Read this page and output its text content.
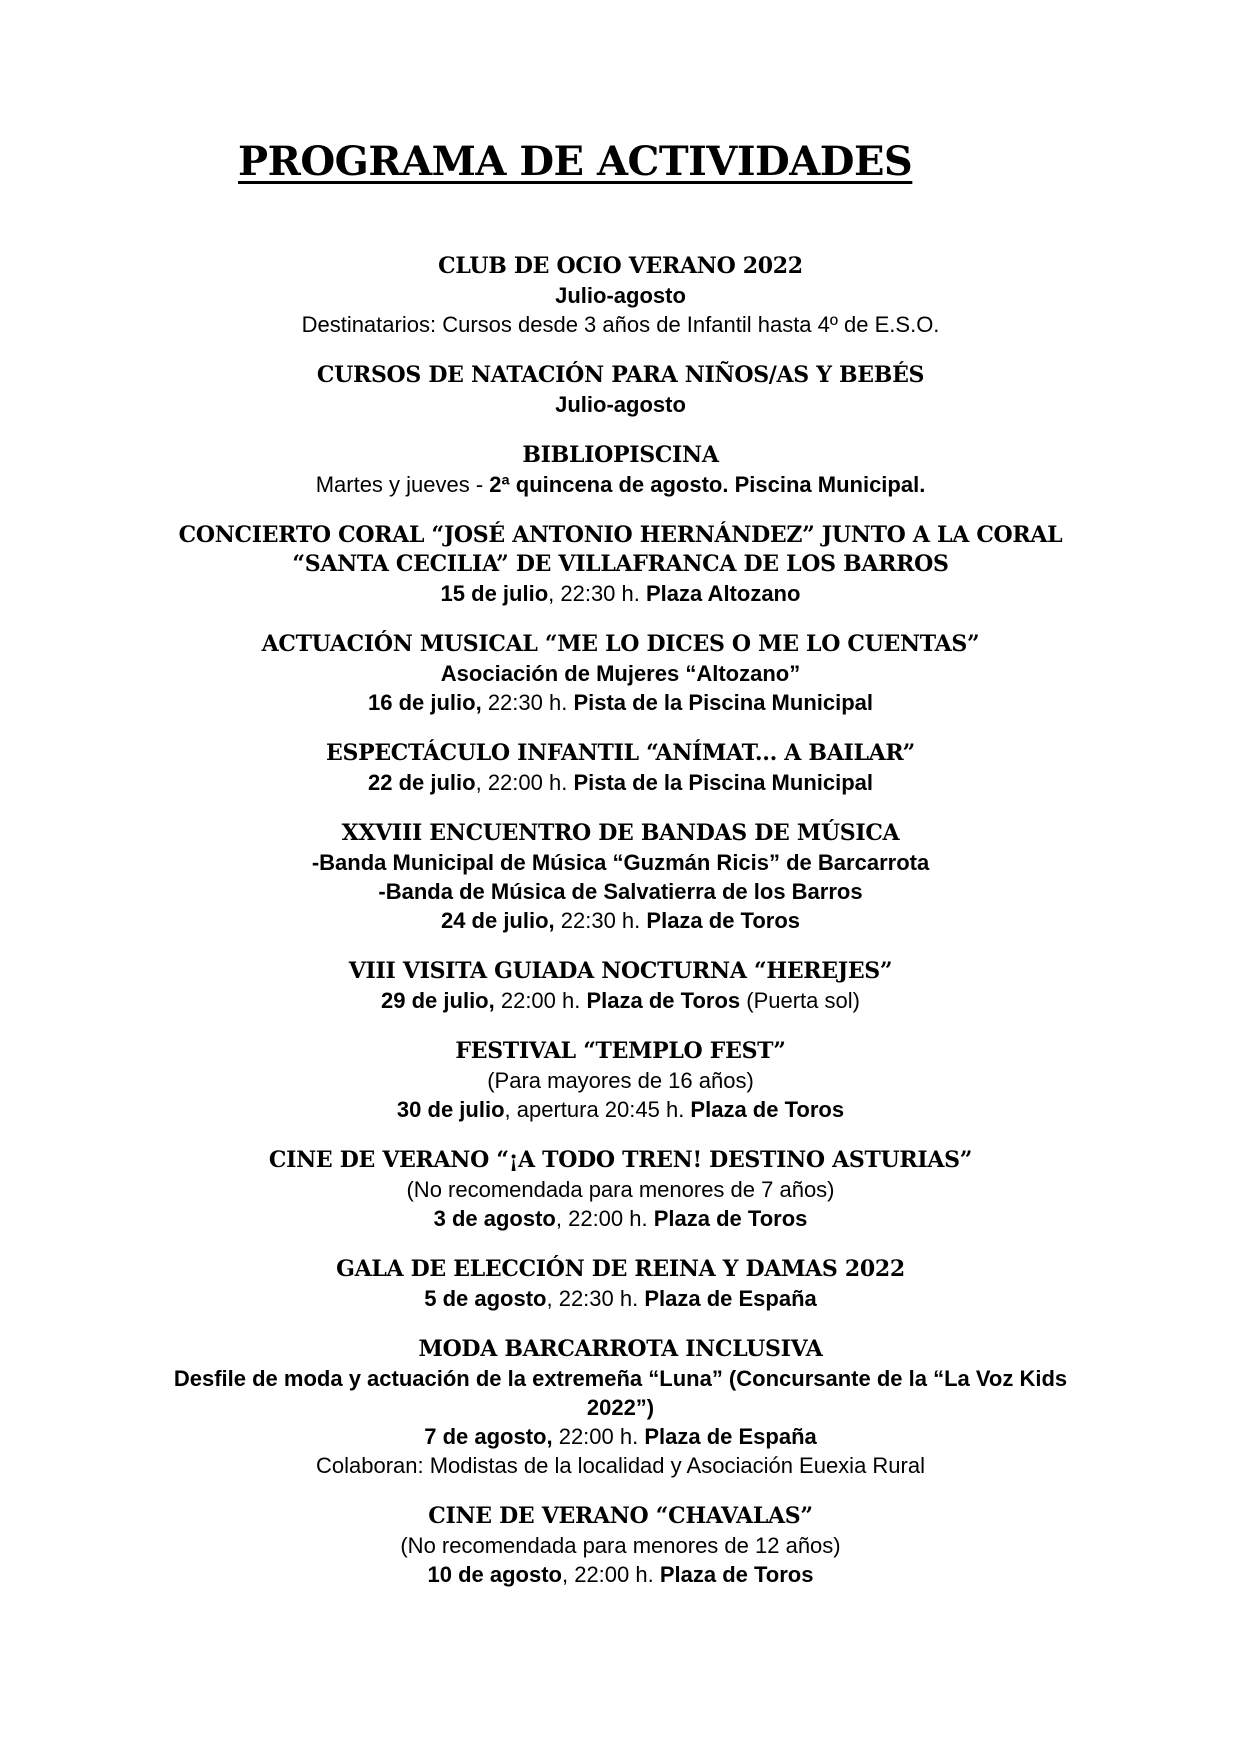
PROGRAMA DE ACTIVIDADES
CLUB DE OCIO VERANO 2022
Julio-agosto
Destinatarios: Cursos desde 3 años de Infantil hasta 4º de E.S.O.
CURSOS DE NATACIÓN PARA NIÑOS/AS Y BEBÉS
Julio-agosto
BIBLIOPISCINA
Martes y jueves - 2ª quincena de agosto. Piscina Municipal.
CONCIERTO CORAL “JOSÉ ANTONIO HERNÁNDEZ” JUNTO A LA CORAL
“SANTA CECILIA” DE VILLAFRANCA DE LOS BARROS
15 de julio, 22:30 h. Plaza Altozano
ACTUACIÓN MUSICAL “ME LO DICES O ME LO CUENTAS”
Asociación de Mujeres “Altozano”
16 de julio, 22:30 h. Pista de la Piscina Municipal
ESPECTÁCULO INFANTIL “ANÍMAT... A BAILAR”
22 de julio, 22:00 h. Pista de la Piscina Municipal
XXVIII ENCUENTRO DE BANDAS DE MÚSICA
-Banda Municipal de Música “Guzmán Ricis” de Barcarrota
-Banda de Música de Salvatierra de los Barros
24 de julio, 22:30 h. Plaza de Toros
VIII VISITA GUIADA NOCTURNA “HEREJES”
29 de julio, 22:00 h. Plaza de Toros (Puerta sol)
FESTIVAL “TEMPLO FEST”
(Para mayores de 16 años)
30 de julio, apertura 20:45 h. Plaza de Toros
CINE DE VERANO “¡A TODO TREN! DESTINO ASTURIAS”
(No recomendada para menores de 7 años)
3 de agosto, 22:00 h. Plaza de Toros
GALA DE ELECCIÓN DE REINA Y DAMAS 2022
5 de agosto, 22:30 h. Plaza de España
MODA BARCARROTA INCLUSIVA
Desfile de moda y actuación de la extremeña “Luna” (Concursante de la “La Voz Kids
2022”)
7 de agosto, 22:00 h. Plaza de España
Colaboran: Modistas de la localidad y Asociación Euexia Rural
CINE DE VERANO “CHAVALAS”
(No recomendada para menores de 12 años)
10 de agosto, 22:00 h. Plaza de Toros
